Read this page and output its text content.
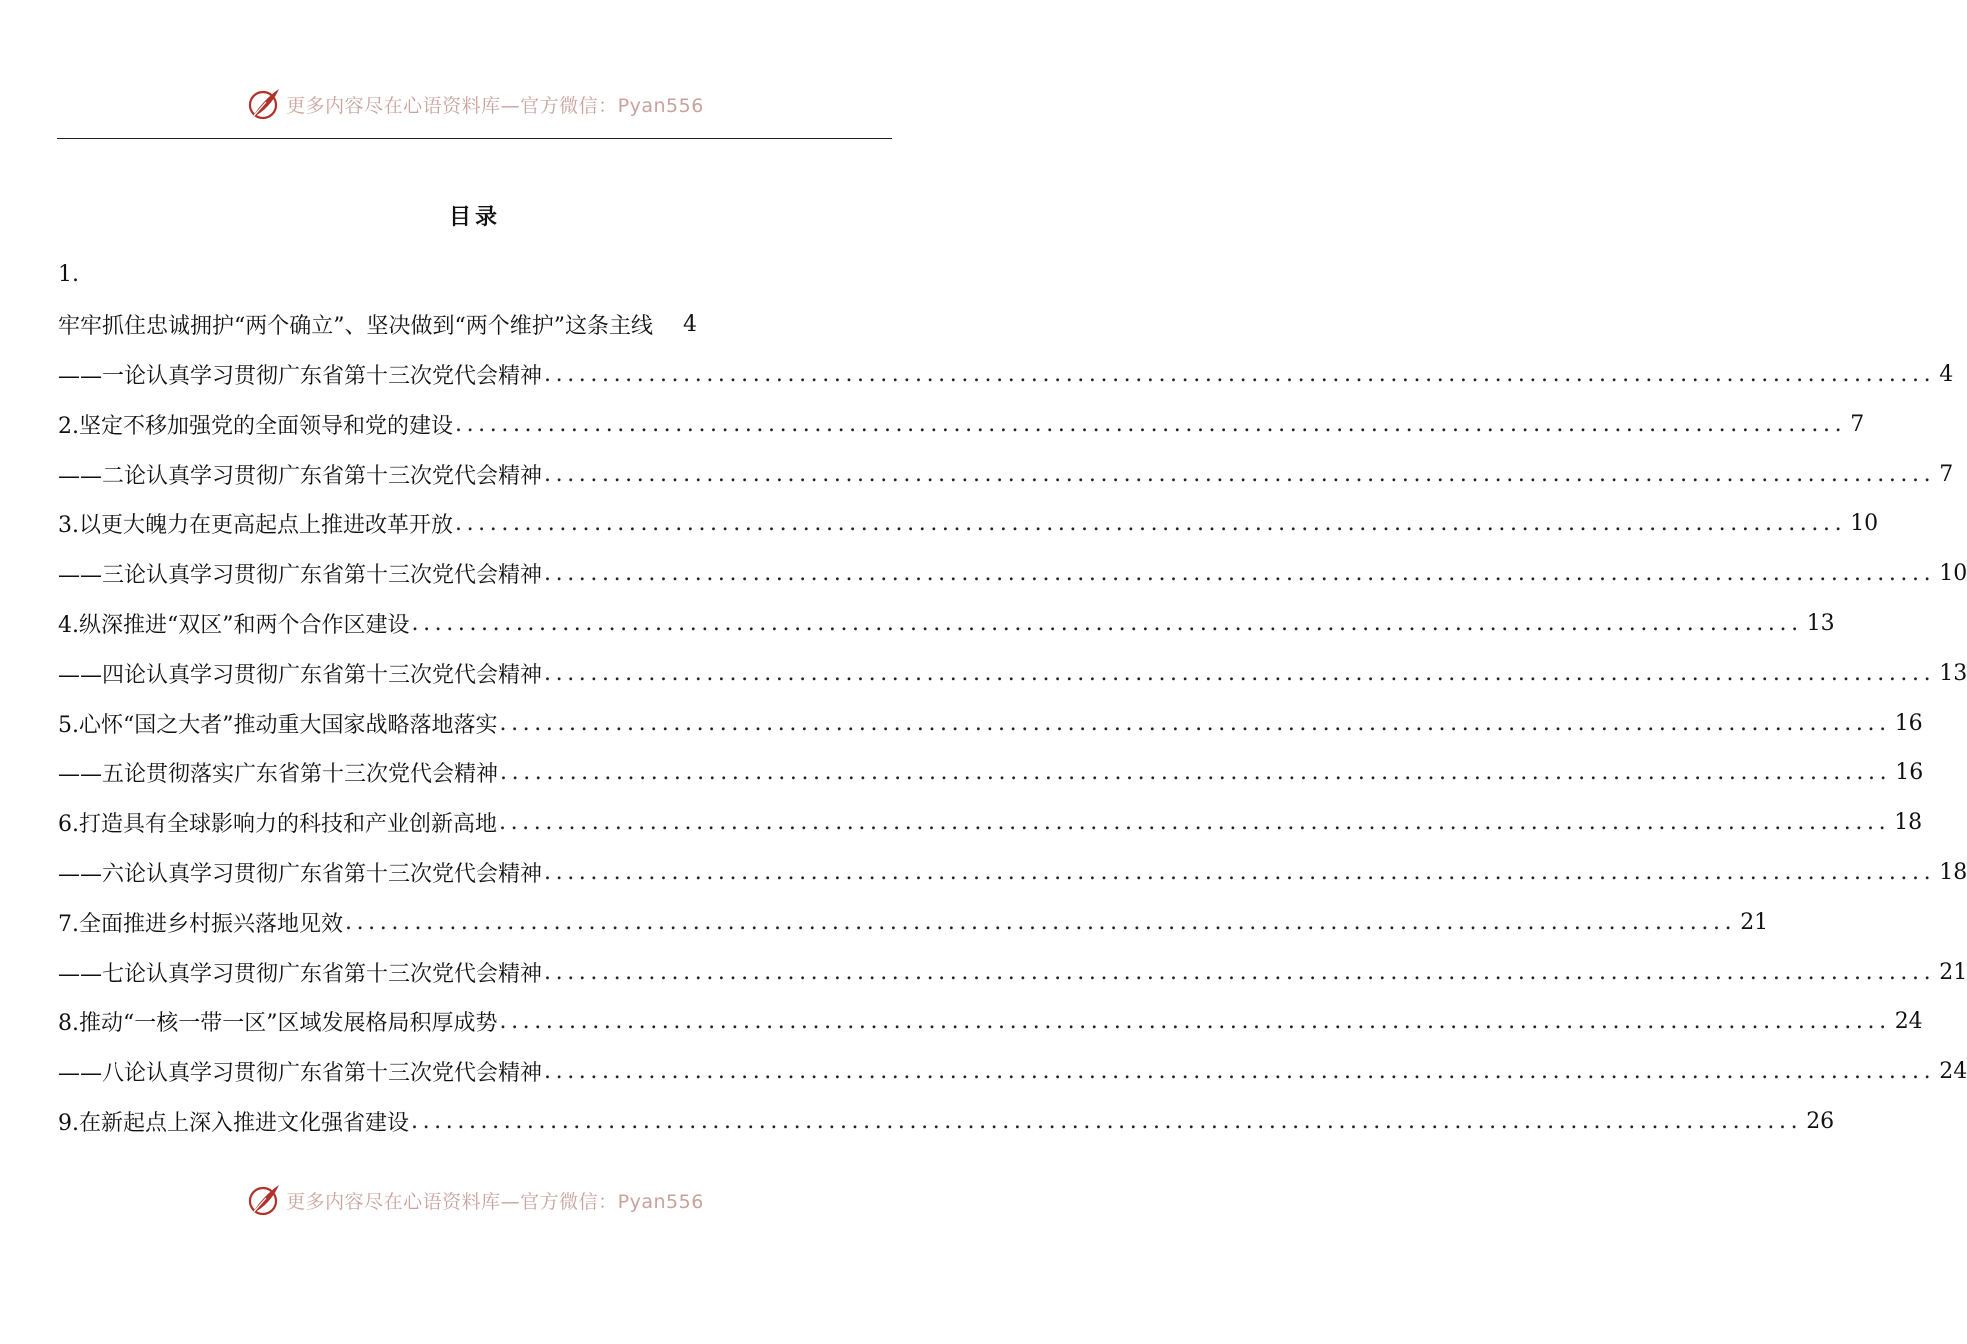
更多内容尽在心语资料库—官方微信：Pyan556
目录
1.
牢牢抓住忠诚拥护“两个确立”、坚决做到“两个维护”这条主线 4
——一论认真学习贯彻广东省第十三次党代会精神 ........................................................................................................................ 4
2.坚定不移加强党的全面领导和党的建设 ........................................................................................................................ 7
——二论认真学习贯彻广东省第十三次党代会精神 ........................................................................................................................ 7
3.以更大魄力在更高起点上推进改革开放 ........................................................................................................................ 10
——三论认真学习贯彻广东省第十三次党代会精神 ........................................................................................................................ 10
4.纵深推进“双区”和两个合作区建设 ........................................................................................................................ 13
——四论认真学习贯彻广东省第十三次党代会精神 ........................................................................................................................ 13
5.心怀“国之大者”推动重大国家战略落地落实 ........................................................................................................................ 16
——五论贯彻落实广东省第十三次党代会精神 ........................................................................................................................ 16
6.打造具有全球影响力的科技和产业创新高地 ........................................................................................................................ 18
——六论认真学习贯彻广东省第十三次党代会精神 ........................................................................................................................ 18
7.全面推进乡村振兴落地见效 ........................................................................................................................ 21
——七论认真学习贯彻广东省第十三次党代会精神 ........................................................................................................................ 21
8.推动“一核一带一区”区域发展格局积厚成势 ........................................................................................................................ 24
——八论认真学习贯彻广东省第十三次党代会精神 ........................................................................................................................ 24
9.在新起点上深入推进文化强省建设 ........................................................................................................................ 26
更多内容尽在心语资料库—官方微信：Pyan556
